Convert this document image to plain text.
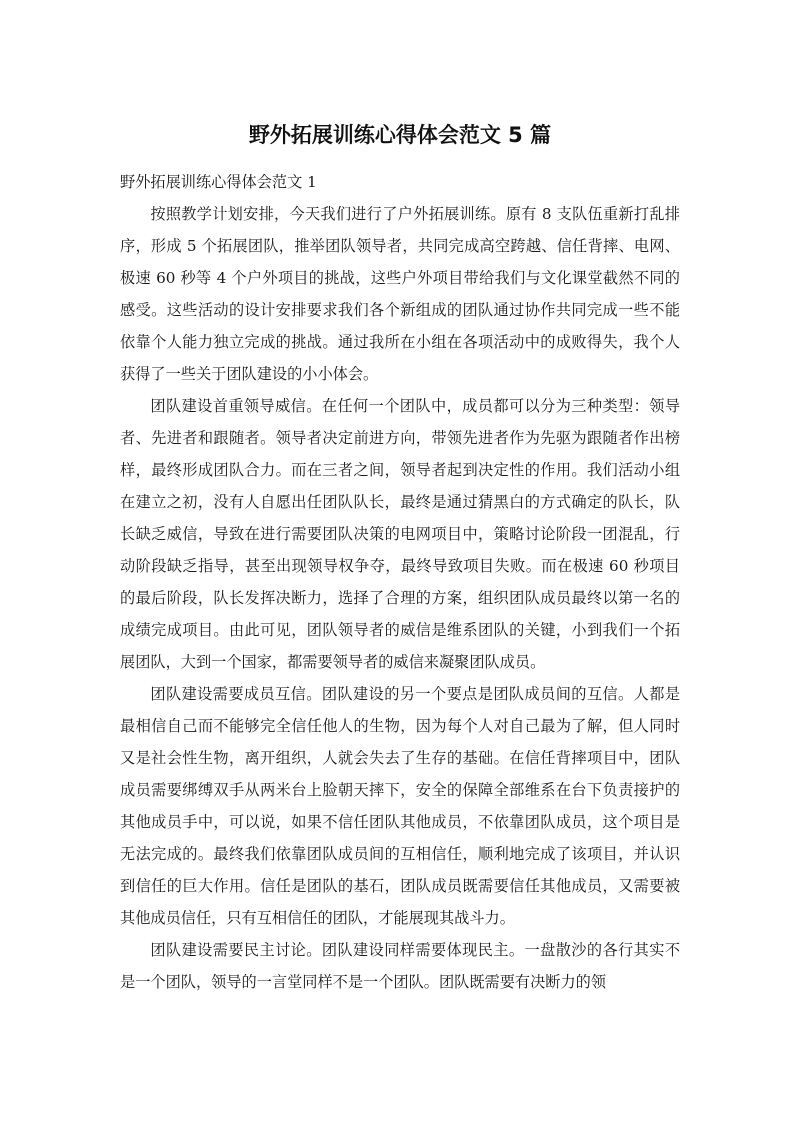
野外拓展训练心得体会范文 5 篇

野外拓展训练心得体会范文 1

按照教学计划安排，今天我们进行了户外拓展训练。原有 8 支队伍重新打乱排序，形成 5 个拓展团队，推举团队领导者，共同完成高空跨越、信任背摔、电网、极速 60 秒等 4 个户外项目的挑战，这些户外项目带给我们与文化课堂截然不同的感受。这些活动的设计安排要求我们各个新组成的团队通过协作共同完成一些不能依靠个人能力独立完成的挑战。通过我所在小组在各项活动中的成败得失，我个人获得了一些关于团队建设的小小体会。

团队建设首重领导威信。在任何一个团队中，成员都可以分为三种类型：领导者、先进者和跟随者。领导者决定前进方向，带领先进者作为先驱为跟随者作出榜样，最终形成团队合力。而在三者之间，领导者起到决定性的作用。我们活动小组在建立之初，没有人自愿出任团队队长，最终是通过猜黑白的方式确定的队长，队长缺乏威信，导致在进行需要团队决策的电网项目中，策略讨论阶段一团混乱，行动阶段缺乏指导，甚至出现领导权争夺，最终导致项目失败。而在极速 60 秒项目的最后阶段，队长发挥决断力，选择了合理的方案，组织团队成员最终以第一名的成绩完成项目。由此可见，团队领导者的威信是维系团队的关键，小到我们一个拓展团队，大到一个国家，都需要领导者的威信来凝聚团队成员。

团队建设需要成员互信。团队建设的另一个要点是团队成员间的互信。人都是最相信自己而不能够完全信任他人的生物，因为每个人对自己最为了解，但人同时又是社会性生物，离开组织，人就会失去了生存的基础。在信任背摔项目中，团队成员需要绑缚双手从两米台上脸朝天摔下，安全的保障全部维系在台下负责接护的其他成员手中，可以说，如果不信任团队其他成员，不依靠团队成员，这个项目是无法完成的。最终我们依靠团队成员间的互相信任，顺利地完成了该项目，并认识到信任的巨大作用。信任是团队的基石，团队成员既需要信任其他成员，又需要被其他成员信任，只有互相信任的团队，才能展现其战斗力。

团队建设需要民主讨论。团队建设同样需要体现民主。一盘散沙的各行其实不是一个团队，领导的一言堂同样不是一个团队。团队既需要有决断力的领
